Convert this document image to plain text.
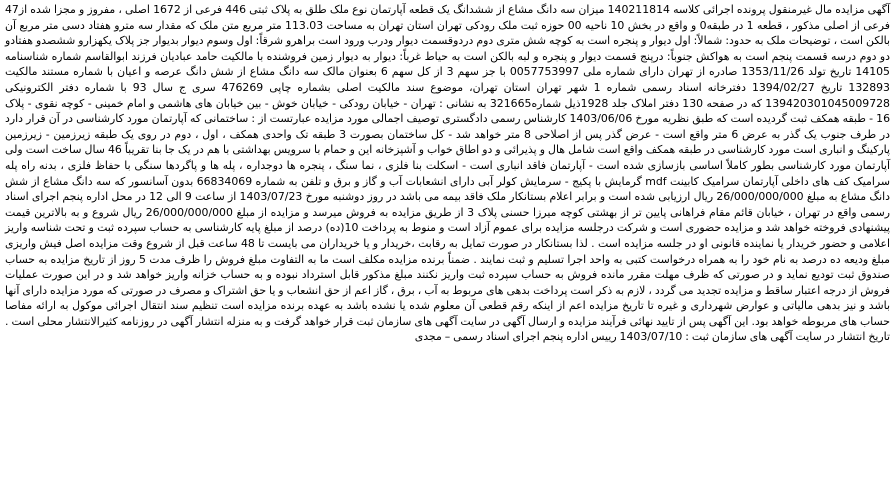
آگهی مزایده مال غیرمنقول پرونده اجرائی کلاسه 140211814 میزان سه دانگ مشاع از ششدانگ یک قطعه آپارتمان نوع ملک طلق به پلاک ثبتی 446 فرعی از 1672 اصلی ، مفروز و مجزا شده از47 فرعی از اصلی مذکور ، قطعه 1 در طبقه0 و واقع در بخش 10 ناحیه 00 حوزه ثبت ملک رودکی تهران استان تهران به مساحت 113.03 متر مربع متن ملک که مقدار سه مترو هفتاد دسی متر مربع آن بالکن است ، توضیحات ملک به حدود: شمالاً: اول دیوار و پنجره است به کوچه شش متری دوم دردوقسمت دیوار ودرب ورود است براهرو شرقاً: اول وسوم دیوار بدیوار جز پلاک یکهزارو ششصدو هفتادو دو دوم درسه قسمت پنجم است به هواکش جنوباً: درپنج قسمت دیوار و پنجره و لبه بالکن است به حیاط غرباً: دیوار به دیوار زمین فروشنده با مالکیت حامد عبادیان فرزند ابوالقاسم شماره شناسنامه 14105 تاریخ تولد 1353/11/26 صادره از تهران دارای شماره ملی 0057753997 با جز سهم 3 از کل سهم 6 بعنوان مالک سه دانگ مشاع از شش دانگ عرصه و اعیان با شماره مستند مالکیت 132893 تاریخ 1394/02/27 دفترخانه اسناد رسمی شماره 1 شهر تهران استان تهران، موضوع سند مالکیت اصلی بشماره چاپی 476269 سری ج سال 93 با شماره دفتر الکترونیکی 139420301045009728 که در صفحه 130 دفتر املاک جلد 1928ذیل شماره321665 به نشانی : تهران - خیابان رودکی - خیابان خوش - بین خیابان های هاشمی و امام خمینی - کوچه نقوی - پلاک 16 - طبقه همکف ثبت گردیده است که طبق نظریه مورخ 1403/06/06 کارشناس رسمی دادگستری توصیف اجمالی مورد مزایده عبارتست از : ساختمانی که آپارتمان مورد کارشناسی در آن قرار دارد در طرف جنوب یک گذر به عرض 6 متر واقع است - عرض گذر پس از اصلاحی 8 متر خواهد شد - کل ساختمان بصورت 3 طبقه تک واحدی همکف ، اول ، دوم در روی یک طبقه زیرزمین - زیرزمین پارکینگ و انباری است مورد کارشناسی در طبقه همکف واقع است شامل هال و پذیرائی و دو اطاق خواب و آشپزخانه این و حمام با سرویس بهداشتی با هم در یک جا بنا تقریباً 46 سال ساخت است ولی آپارتمان مورد کارشناسی بطور کاملاً اساسی بازسازی شده است - آپارتمان فاقد انباری است - اسکلت بنا فلزی ، نما سنگ ، پنجره ها دوجداره ، پله ها و پاگردها سنگی با حفاظ فلزی ، بدنه راه پله سرامیک کف های داخلی آپارتمان سرامیک کابینت mdf گرمایش با پکیج - سرمایش کولر آبی دارای انشعابات آب و گاز و برق و تلفن به شماره 66834069 بدون آسانسور که سه دانگ مشاع از شش دانگ مشاع به مبلغ 26/000/000/000 ریال ارزیابی شده است و برابر اعلام بستانکار ملک فاقد بیمه می باشد در روز دوشنبه مورخ 1403/07/23 از ساعت 9 الی 12 در محل اداره پنجم اجرای اسناد رسمی واقع در تهران ، خیابان قائم مقام فراهانی پایین تر از بهشتی کوچه میرزا حسنی پلاک 3 از طریق مزایده به فروش میرسد و مزایده از مبلغ 26/000/000/000 ریال شروع و به بالاترین قیمت پیشنهادی فروخته خواهد شد و مزایده حضوری است و شرکت درجلسه مزایده برای عموم آزاد است و منوط به پرداخت 10(ده) درصد از مبلغ پایه کارشناسی به حساب سپرده ثبت و تحت شناسه واریز اعلامی و حضور خریدار یا نماینده قانونی او در جلسه مزایده است . لذا بستانکار در صورت تمایل به رقابت ،خریدار و یا خریداران می بایست تا 48 ساعت قبل از شروع وقت مزایده اصل فیش واریزی مبلغ ودیعه ده درصد به نام خود را به همراه درخواست کتبی به واحد اجرا تسلیم و ثبت نمایند . ضمناً برنده مزایده مکلف است ما به التفاوت مبلغ فروش را ظرف مدت 5 روز از تاریخ مزایده به حساب صندوق ثبت تودیع نماید و در صورتی که ظرف مهلت مقرر مانده فروش به حساب سپرده ثبت واریز نکنند مبلغ مذکور قابل استرداد نبوده و به حساب خزانه واریز خواهد شد و در این صورت عملیات فروش از درجه اعتبار ساقط و مزایده تجدید می گردد ، لازم به ذکر است پرداخت بدهی های مربوط به آب ، برق ، گاز اعم از حق انشعاب و یا حق اشتراک و مصرف در صورتی که مورد مزایده دارای آنها باشد و نیز بدهی مالیاتی و عوارض شهرداری و غیره تا تاریخ مزایده اعم از اینکه رقم قطعی آن معلوم شده یا نشده باشد به عهده برنده مزایده است تنظیم سند انتقال اجرائی موکول به ارائه مفاصا حساب های مربوطه خواهد بود. این آگهی پس از تایید نهائی فرآیند مزایده و ارسال آگهی در سایت آگهی های سازمان ثبت قرار خواهد گرفت و به منزله انتشار آگهی در روزنامه کثیرالانتشار محلی است . تاریخ انتشار در سایت آگهی های سازمان ثبت : 1403/07/10 رییس اداره پنجم اجرای اسناد رسمی – مجدی
